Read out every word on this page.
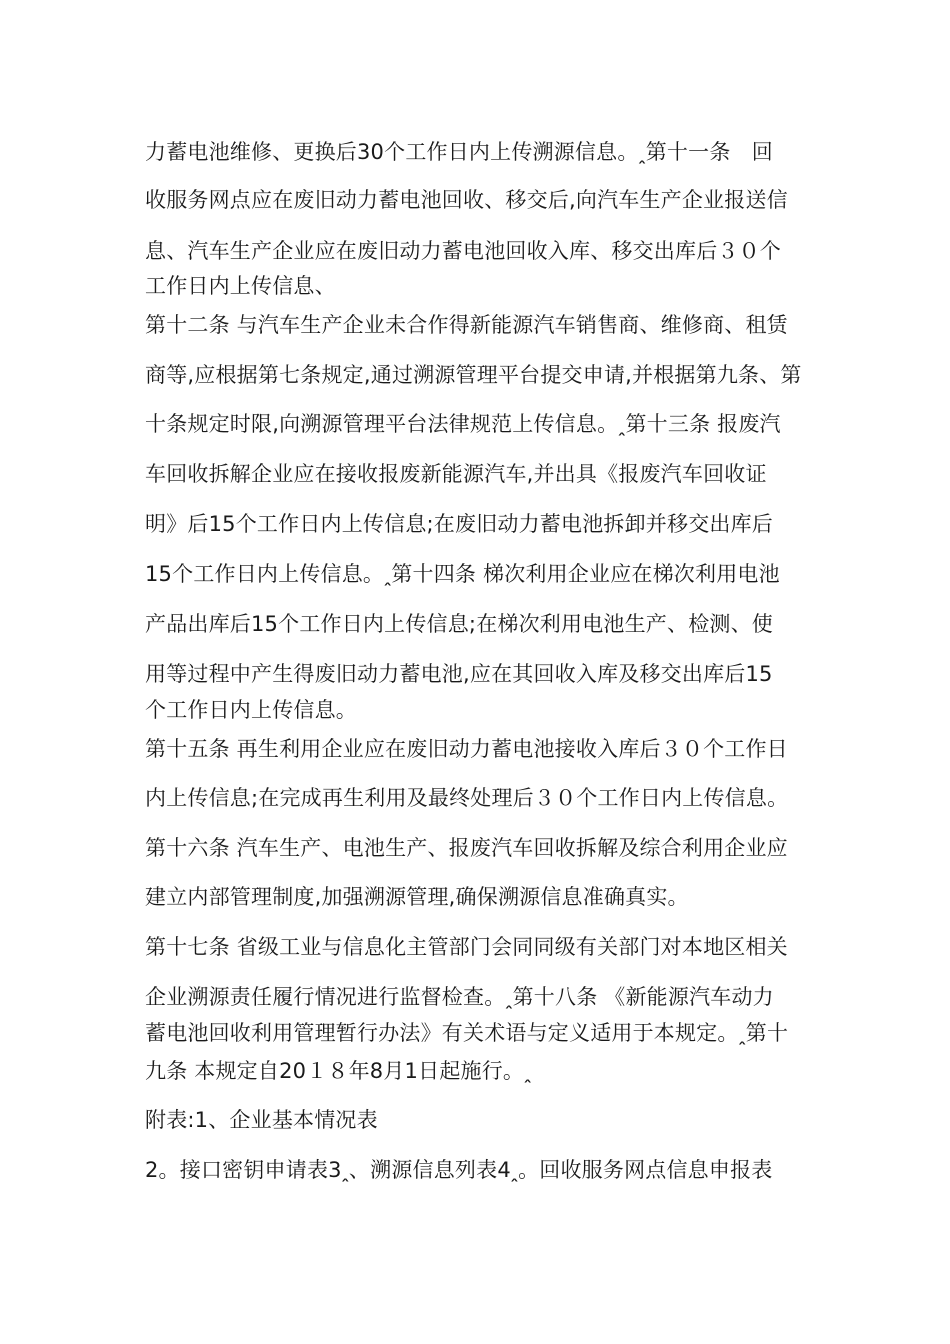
力蓄电池维修、更换后30个工作日内上传溯源信息。ꞈ第十一条　回
收服务网点应在废旧动力蓄电池回收、移交后,向汽车生产企业报送信
息、汽车生产企业应在废旧动力蓄电池回收入库、移交出库后３０个
工作日内上传信息、
第十二条 与汽车生产企业未合作得新能源汽车销售商、维修商、租赁
商等,应根据第七条规定,通过溯源管理平台提交申请,并根据第九条、第
十条规定时限,向溯源管理平台法律规范上传信息。ꞈ第十三条 报废汽
车回收拆解企业应在接收报废新能源汽车,并出具《报废汽车回收证
明》后15个工作日内上传信息;在废旧动力蓄电池拆卸并移交出库后
15个工作日内上传信息。ꞈ第十四条 梯次利用企业应在梯次利用电池
产品出库后15个工作日内上传信息;在梯次利用电池生产、检测、使
用等过程中产生得废旧动力蓄电池,应在其回收入库及移交出库后15
个工作日内上传信息。
第十五条 再生利用企业应在废旧动力蓄电池接收入库后３０个工作日
内上传信息;在完成再生利用及最终处理后３０个工作日内上传信息。
第十六条 汽车生产、电池生产、报废汽车回收拆解及综合利用企业应
建立内部管理制度,加强溯源管理,确保溯源信息准确真实。
第十七条 省级工业与信息化主管部门会同同级有关部门对本地区相关
企业溯源责任履行情况进行监督检查。ꞈ第十八条 《新能源汽车动力
蓄电池回收利用管理暂行办法》有关术语与定义适用于本规定。ꞈ第十
九条 本规定自20１８年8月1日起施行。ꞈ
附表:1、企业基本情况表
2。接口密钥申请表3ꞈ、溯源信息列表4ꞈ。回收服务网点信息申报表
